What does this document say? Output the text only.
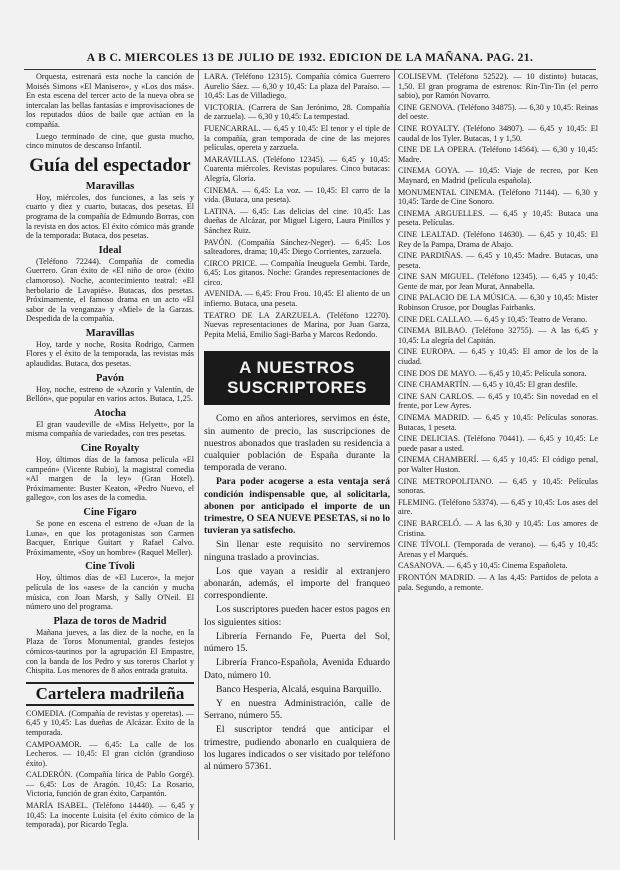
A B C. MIERCOLES 13 DE JULIO DE 1932. EDICION DE LA MAÑANA. PAG. 21.

Orquesta, estrenará esta noche la canción de Moisés Simons «El Manisero», y «Los dos más». En esta escena del tercer acto de la nueva obra se intercalan las bellas fantasías e improvisaciones de los reputados dúos de baile que actúan en la compañía.

Luego terminado de cine, que gusta mucho, cinco minutos de descanso Infantil.

Guía del espectador
Maravillas

Hoy, miércoles, dos funciones, a las seis y cuarto y diez y cuarto, butacas, dos pesetas. El programa de la compañía de Edmundo Borras, con la revista en dos actos. El éxito cómico más grande de la temporada: Butaca, dos pesetas.

Ideal

(Teléfono 72244). Compañía de comedia Guerrero. Gran éxito de «El niño de oro» (éxito clamoroso). Noche, acontecimiento teatral: «El herbolario de Lavapiés». Butacas, dos pesetas. Próximamente, el famoso drama en un acto «El sabor de la venganza» y «Miel» de la Garzas. Despedida de la compañía.

Maravillas

Hoy, tarde y noche, Rosita Rodrigo, Carmen Flores y el éxito de la temporada, las revistas más aplaudidas. Butaca, dos pesetas.

Pavón

Hoy, noche, estreno de «Azorín y Valentín, de Bellón», que popular en varios actos. Butaca, 1,25.

Atocha

El gran vaudeville de «Miss Helyett», por la misma compañía de variedades, con tres pesetas.

Cine Royalty

Hoy, últimos días de la famosa película «El campeón» (Vicente Rubio), la magistral comedia «Al margen de la ley» (Gran Hotel). Próximamente: Buster Keaton, «Pedro Nuevo, el gallego», con los ases de la comedia.

Cine Figaro

Se pone en escena el estreno de «Juan de la Luna», en que los protagonistas son Carmen Bacquer, Enrique Guitart y Rafael Calvo. Próximamente, «Soy un hombre» (Raquel Meller).

Cine Tívoli

Hoy, últimos días de «El Lucero», la mejor película de los «ases» de la canción y mucha música, con Joan Marsh, y Sally O'Neil. El número uno del programa.

Plaza de toros de Madrid

Mañana jueves, a las diez de la noche, en la Plaza de Toros Monumental, grandes festejos cómicos-taurinos por la agrupación El Empastre, con la banda de los Pedro y sus toreros Charlot y Chispita. Los menores de 8 años entrada gratuita.

Cartelera madrileña

COMEDIA. (Compañía de revistas y operetas). — 6,45 y 10,45: Las dueñas de Alcázar. Éxito de la temporada.

CAMPOAMOR. — 6,45: La calle de los Lecheros. — 10,45: El gran ciclón (grandioso éxito).

CALDERÓN. (Compañía lírica de Pablo Gorgé). — 6,45: Los de Aragón. 10,45: La Rosario, Victoria, función de gran éxito, Carpantón.

MARÍA ISABEL. (Teléfono 14440). — 6,45 y 10,45: La inocente Luisita (el éxito cómico de la temporada), por Ricardo Tegla.

LARA. (Teléfono 12315). Compañía cómica Guerrero Aurelio Sáez. — 6,30 y 10,45: La plaza del Paraíso. — 10,45: Las de Villadiego.

VICTORIA. (Carrera de San Jerónimo, 28. Compañía de zarzuela). — 6,30 y 10,45: La tempestad.

FUENCARRAL. — 6,45 y 10,45: El tenor y el tiple de la compañía, gran temporada de cine de las mejores películas, opereta y zarzuela.

MARAVILLAS. (Teléfono 12345). — 6,45 y 10,45: Cuarenta miércoles. Revistas populares. Cinco butacas: Alegría, Gloria.

CINEMA. — 6,45: La voz. — 10,45: El carro de la vida. (Butaca, una peseta).

LATINA. — 6,45: Las delicias del cine. 10,45: Las dueñas de Alcázar, por Miguel Ligero, Laura Pinillos y Sánchez Ruiz.

PAVÓN. (Compañía Sánchez-Neger). — 6,45: Los salteadores, drama; 10,45: Diego Corrientes, zarzuela.

CIRCO PRICE. — Compañía Ineuguela Gembi. Tarde, 6,45: Los gitanos. Noche: Grandes representaciones de circo.

AVENIDA. — 6,45: Frou Frou. 10,45: El aliento de un infierno. Butaca, una peseta.

TEATRO DE LA ZARZUELA. (Teléfono 12270). Nuevas representaciones de Marina, por Juan Garza, Pepita Meliá, Emilio Sagi-Barba y Marcos Redondo.

A NUESTROS SUSCRIPTORES

Como en años anteriores, servimos en éste, sin aumento de precio, las suscripciones de nuestros abonados que trasladen su residencia a cualquier población de España durante la temporada de verano.

Para poder acogerse a esta ventaja será condición indispensable que, al solicitarla, abonen por anticipado el importe de un trimestre, O SEA NUEVE PESETAS, si no lo tuvieran ya satisfecho.

Sin llenar este requisito no serviremos ninguna traslado a provincias.

Los que vayan a residir al extranjero abonarán, además, el importe del franqueo correspondiente.

Los suscriptores pueden hacer estos pagos en los siguientes sitios:

Librería Fernando Fe, Puerta del Sol, número 15.

Librería Franco-Española, Avenida Eduardo Dato, número 10.

Banco Hesperia, Alcalá, esquina Barquillo.

Y en nuestra Administración, calle de Serrano, número 55.

El suscriptor tendrá que anticipar el trimestre, pudiendo abonarlo en cualquiera de los lugares indicados o ser visitado por teléfono al número 57361.

COLISEVM. (Teléfono 52522). — 10 distinto) butacas, 1,50. El gran programa de estrenos: Rin-Tin-Tin (el perro sabio), por Ramón Novarro.

CINE GENOVA. (Teléfono 34875). — 6,30 y 10,45: Reinas del oeste.

CINE ROYALTY. (Teléfono 34807). — 6,45 y 10,45: El caudal de los Tyler. Butacas, 1 y 1,50.

CINE DE LA OPERA. (Teléfono 14564). — 6,30 y 10,45: Madre.

CINEMA GOYA. — 10,45: Viaje de recreo, por Ken Maynard, en Madrid (película española).

MONUMENTAL CINEMA. (Teléfono 71144). — 6,30 y 10,45: Tarde de Cine Sonoro.

CINEMA ARGUELLES. — 6,45 y 10,45: Butaca una peseta. Películas.

CINE LEALTAD. (Teléfono 14630). — 6,45 y 10,45: El Rey de la Pampa, Drama de Abajo.

CINE PARDIÑAS. — 6,45 y 10,45: Madre. Butacas, una peseta.

CINE SAN MIGUEL. (Teléfono 12345). — 6,45 y 10,45: Gente de mar, por Jean Murat, Annabella.

CINE PALACIO DE LA MÚSICA. — 6,30 y 10,45: Mister Robinson Crusoe, por Douglas Fairbanks.

CINE DEL CALLAO. — 6,45 y 10,45: Teatro de Verano.

CINEMA BILBAO. (Teléfono 32755). — A las 6,45 y 10,45: La alegría del Capitán.

CINE EUROPA. — 6,45 y 10,45: El amor de los de la ciudad.

CINE DOS DE MAYO. — 6,45 y 10,45: Película sonora.

CINE CHAMARTÍN. — 6,45 y 10,45: El gran desfile.

CINE SAN CARLOS. — 6,45 y 10,45: Sin novedad en el frente, por Lew Ayres.

CINEMA MADRID. — 6,45 y 10,45: Películas sonoras. Butacas, 1 peseta.

CINE DELICIAS. (Teléfono 70441). — 6,45 y 10,45: Le puede pasar a usted.

CINEMA CHAMBERÍ. — 6,45 y 10,45: El código penal, por Walter Huston.

CINE METROPOLITANO. — 6,45 y 10,45: Películas sonoras.

FLEMING. (Teléfono 53374). — 6,45 y 10,45: Los ases del aire.

CINE BARCELÓ. — A las 6,30 y 10,45: Los amores de Cristina.

CINE TÍVOLI. (Temporada de verano). — 6,45 y 10,45: Arenas y el Marqués.

CASANOVA. — 6,45 y 10,45: Cinema Españoleta.

FRONTÓN MADRID. — A las 4,45: Partidos de pelota a pala. Segundo, a remonte.
